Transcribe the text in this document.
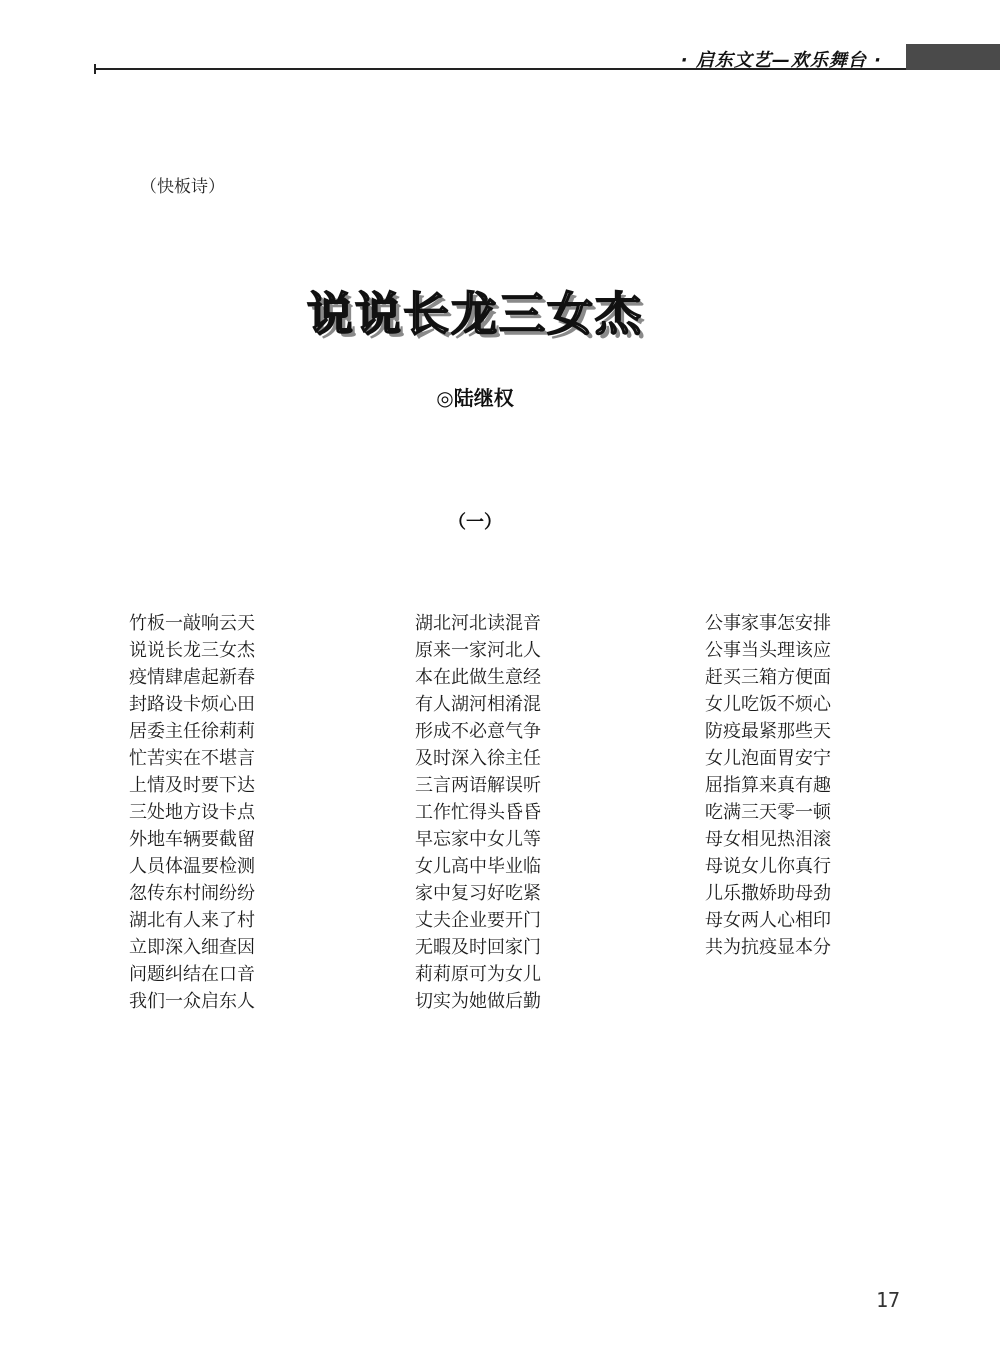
· 启东文艺—欢乐舞台 ·
（快板诗）
说说长龙三女杰
◎陆继权
（一）
竹板一敲响云天
说说长龙三女杰
疫情肆虐起新春
封路设卡烦心田
居委主任徐莉莉
忙苦实在不堪言
上情及时要下达
三处地方设卡点
外地车辆要截留
人员体温要检测
忽传东村闹纷纷
湖北有人来了村
立即深入细查因
问题纠结在口音
我们一众启东人
湖北河北读混音
原来一家河北人
本在此做生意经
有人湖河相淆混
形成不必意气争
及时深入徐主任
三言两语解误听
工作忙得头昏昏
早忘家中女儿等
女儿高中毕业临
家中复习好吃紧
丈夫企业要开门
无暇及时回家门
莉莉原可为女儿
切实为她做后勤
公事家事怎安排
公事当头理该应
赶买三箱方便面
女儿吃饭不烦心
防疫最紧那些天
女儿泡面胃安宁
屈指算来真有趣
吃满三天零一顿
母女相见热泪滚
母说女儿你真行
儿乐撒娇助母劲
母女两人心相印
共为抗疫显本分
17
